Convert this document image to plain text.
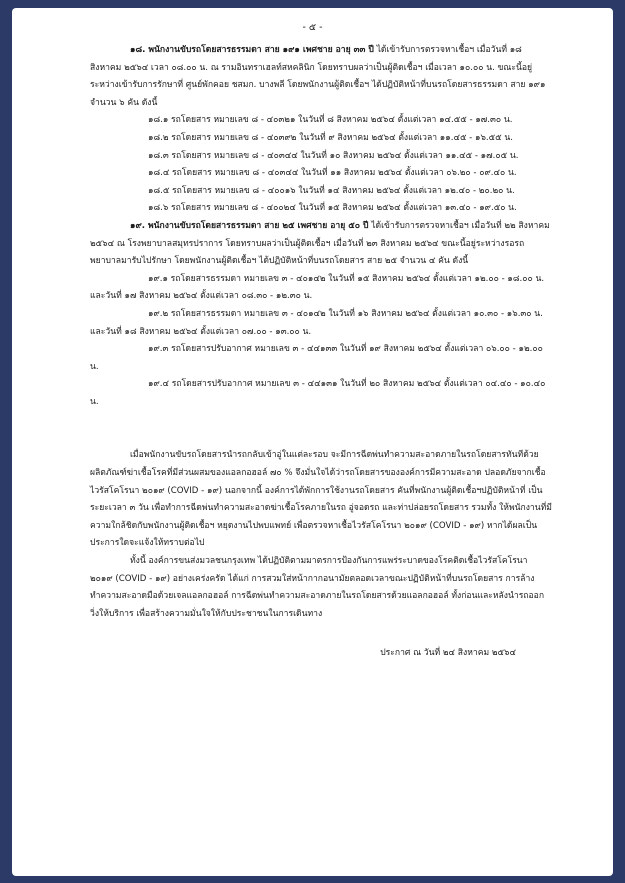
- ๕ -

๑๘. พนักงานขับรถโดยสารธรรมดา สาย ๑๙๑ เพศชาย อายุ ๓๓ ปี ได้เข้ารับการตรวจหาเชื้อฯ เมื่อวันที่ ๑๘ สิงหาคม ๒๕๖๔ เวลา ๐๘.๐๐ น. ณ รามอินทราเฮลท์สหคลินิก โดยทราบผลว่าเป็นผู้ติดเชื้อฯ เมื่อเวลา ๑๐.๐๐ น. ขณะนี้อยู่ระหว่างเข้ารับการรักษาที่ ศูนย์พักคอย ชสมก. บางพลี โดยพนักงานผู้ติดเชื้อฯ ได้ปฏิบัติหน้าที่บนรถโดยสารธรรมดา สาย ๑๙๑ จำนวน ๖ คัน ดังนี้

๑๘.๑ รถโดยสาร หมายเลข ๘ - ๔๐๓๒๑ ในวันที่ ๘ สิงหาคม ๒๕๖๔ ตั้งแต่เวลา ๑๔.๕๕ - ๑๗.๓๐ น.

๑๘.๒ รถโดยสาร หมายเลข ๘ - ๔๐๓๙๒ ในวันที่ ๙ สิงหาคม ๒๕๖๔ ตั้งแต่เวลา ๑๑.๔๕ - ๑๖.๕๕ น.

๑๘.๓ รถโดยสาร หมายเลข ๘ - ๔๐๓๔๔ ในวันที่ ๑๐ สิงหาคม ๒๕๖๔ ตั้งแต่เวลา ๑๑.๔๕ - ๑๗.๐๕ น.

๑๘.๔ รถโดยสาร หมายเลข ๘ - ๔๐๓๔๔ ในวันที่ ๑๑ สิงหาคม ๒๕๖๔ ตั้งแต่เวลา ๐๖.๒๐ - ๐๙.๔๐ น.

๑๘.๕ รถโดยสาร หมายเลข ๘ - ๔๐๐๑๖ ในวันที่ ๑๔ สิงหาคม ๒๕๖๔ ตั้งแต่เวลา ๑๒.๔๐ - ๒๐.๒๐ น.

๑๘.๖ รถโดยสาร หมายเลข ๘ - ๔๐๐๒๔ ในวันที่ ๑๕ สิงหาคม ๒๕๖๔ ตั้งแต่เวลา ๑๓.๔๐ - ๑๙.๕๐ น.

๑๙. พนักงานขับรถโดยสารธรรมดา สาย ๒๕ เพศชาย อายุ ๕๐ ปี ได้เข้ารับการตรวจหาเชื้อฯ เมื่อวันที่ ๒๒ สิงหาคม ๒๕๖๔ ณ โรงพยาบาลสมุทรปราการ โดยทราบผลว่าเป็นผู้ติดเชื้อฯ เมื่อวันที่ ๒๓ สิงหาคม ๒๕๖๔ ขณะนี้อยู่ระหว่างรอรถพยาบาลมารับไปรักษา โดยพนักงานผู้ติดเชื้อฯ ได้ปฏิบัติหน้าที่บนรถโดยสาร สาย ๒๕ จำนวน ๔ คัน ดังนี้

๑๙.๑ รถโดยสารธรรมดา หมายเลข ๓ - ๔๐๑๔๒ ในวันที่ ๑๕ สิงหาคม ๒๕๖๔ ตั้งแต่เวลา ๑๒.๐๐ - ๑๘.๐๐ น. และวันที่ ๑๗ สิงหาคม ๒๕๖๔ ตั้งแต่เวลา ๐๘.๓๐ - ๑๒.๓๐ น.

๑๙.๒ รถโดยสารธรรมดา หมายเลข ๓ - ๔๐๑๔๒ ในวันที่ ๑๖ สิงหาคม ๒๕๖๔ ตั้งแต่เวลา ๑๐.๓๐ - ๑๖.๓๐ น. และวันที่ ๑๘ สิงหาคม ๒๕๖๔ ตั้งแต่เวลา ๐๗.๐๐ - ๑๓.๐๐ น.

๑๙.๓ รถโดยสารปรับอากาศ หมายเลข ๓ - ๔๔๑๓๓ ในวันที่ ๑๙ สิงหาคม ๒๕๖๔ ตั้งแต่เวลา ๐๖.๐๐ - ๑๒.๐๐ น.

๑๙.๔ รถโดยสารปรับอากาศ หมายเลข ๓ - ๔๔๑๓๑ ในวันที่ ๒๐ สิงหาคม ๒๕๖๔ ตั้งแต่เวลา ๐๔.๔๐ - ๑๐.๔๐ น.

เมื่อพนักงานขับรถโดยสารนำรถกลับเข้าอู่ในแต่ละรอบ จะมีการฉีดพ่นทำความสะอาดภายในรถโดยสารทันทีด้วยผลิตภัณฑ์ฆ่าเชื้อโรคที่มีส่วนผสมของแอลกอฮอล์ ๗๐ % จึงมั่นใจได้ว่ารถโดยสารขององค์การมีความสะอาด ปลอดภัยจากเชื้อไวรัสโคโรนา ๒๐๑๙ (COVID - ๑๙) นอกจากนี้ องค์การได้พักการใช้งานรถโดยสาร คันที่พนักงานผู้ติดเชื้อฯปฏิบัติหน้าที่ เป็นระยะเวลา ๓ วัน เพื่อทำการฉีดพ่นทำความสะอาดฆ่าเชื้อโรคภายในรถ อู่จอดรถ และท่าปล่อยรถโดยสาร รวมทั้ง ให้พนักงานที่มีความใกล้ชิดกับพนักงานผู้ติดเชื้อฯ หยุดงานไปพบแพทย์ เพื่อตรวจหาเชื้อไวรัสโคโรนา ๒๐๑๙ (COVID - ๑๙) หากได้ผลเป็นประการใดจะแจ้งให้ทราบต่อไป

ทั้งนี้ องค์การขนส่งมวลชนกรุงเทพ ได้ปฏิบัติตามมาตรการป้องกันการแพร่ระบาดของโรคติดเชื้อไวรัสโคโรนา ๒๐๑๙ (COVID - ๑๙) อย่างเคร่งครัด ได้แก่ การสวมใส่หน้ากากอนามัยตลอดเวลาขณะปฏิบัติหน้าที่บนรถโดยสาร การล้างทำความสะอาดมือด้วยเจลแอลกอฮอล์ การฉีดพ่นทำความสะอาดภายในรถโดยสารด้วยแอลกอฮอล์ ทั้งก่อนและหลังนำรถออกวิ่งให้บริการ เพื่อสร้างความมั่นใจให้กับประชาชนในการเดินทาง

ประกาศ ณ วันที่ ๒๔ สิงหาคม ๒๕๖๔
